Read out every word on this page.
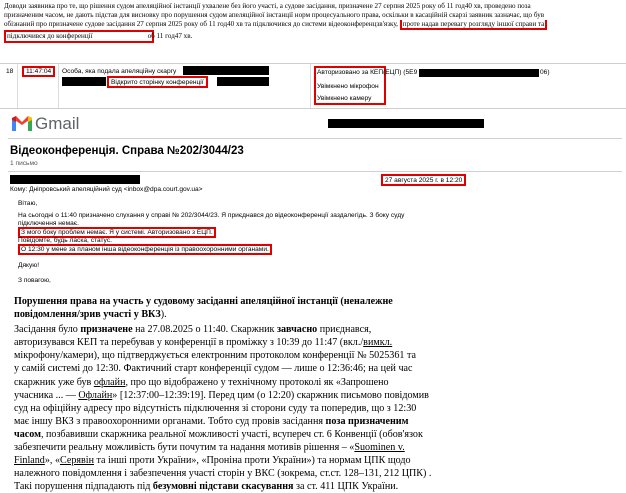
Доводи заявника про те, що рішення судом апеляційної інстанції ухвалене без його участі, а судове засідання, призначене 27 серпня 2025 року об 11 год40 хв, проведено поза
призначеним часом, не дають підстав для висновку про порушення судом апеляційної інстанції норм процесуального права, оскільки в касаційній скарзі заявник зазначає, що був
обізнаний про призначене судове засідання 27 серпня 2025 року об 11 год40 хв та підключився до системи відеоконференцзв'язку, проте надав перевагу розгляду іншої справи та
підключився до конференції	об 11 год47 хв.
18	11:47:04	Особа, яка подала апеляційну скаргу
Відкрито сторінку конференції
Авторизовано за КЕП(ЕЦП) (5E9	06)
Увімкнено мікрофон
Увімкнено камеру
Gmail
Відеоконференція. Справа №202/3044/23
1 письмо
27 августа 2025 г. в 12:20
Кому: Дніпровський апеляційний суд <inbox@dpa.court.gov.ua>
Вітаю,
На сьогодні о 11:40 призначено слухання у справі № 202/3044/23. Я приєднався до відеоконференції заздалегідь. З боку суду
підключення немає.
З мого боку проблем немає. Я у системі. Авторизовано з ЕЦП.
Повідомте, будь ласка, статус.
О 12:30 у мене за планом інша відеоконференція із правоохоронними органами.
Дякую!
З повагою,
Порушення права на участь у судовому засіданні апеляційної інстанції (неналежне
повідомлення/зрив участі у ВКЗ).
Засідання було призначене на 27.08.2025 о 11:40. Скаржник завчасно приєднався,
авторизувався КЕП та перебував у конференції в проміжку з 10:39 до 11:47 (вкл./вимкл.
мікрофону/камери), що підтверджується електронним протоколом конференції № 5025361 та
у самій системі до 12:30. Фактичний старт конференції судом — лише о 12:36:46; на цей час
скаржник уже був офлайн, про що відображено у технічному протоколі як «Запрошено
учасника ... — Офлайн» [12:37:00–12:39:19]. Перед цим (о 12:20) скаржник письмово повідомив
суд на офіційну адресу про відсутність підключення зі сторони суду та попередив, що з 12:30
має іншу ВКЗ з правоохоронними органами. Тобто суд провів засідання поза призначеним
часом, позбавивши скаржника реальної можливості участі, всупереч ст. 6 Конвенції (обов'язок
забезпечити реальну можливість бути почутим та надання мотивів рішення – «Suominen v.
Finland», «Серявін та інші проти України», «Проніна проти України») та нормам ЦПК щодо
належного повідомлення і забезпечення участі сторін у ВКС (зокрема, ст.ст. 128–131, 212 ЦПК) .
Такі порушення підпадають під безумовні підстави скасування за ст. 411 ЦПК України.
